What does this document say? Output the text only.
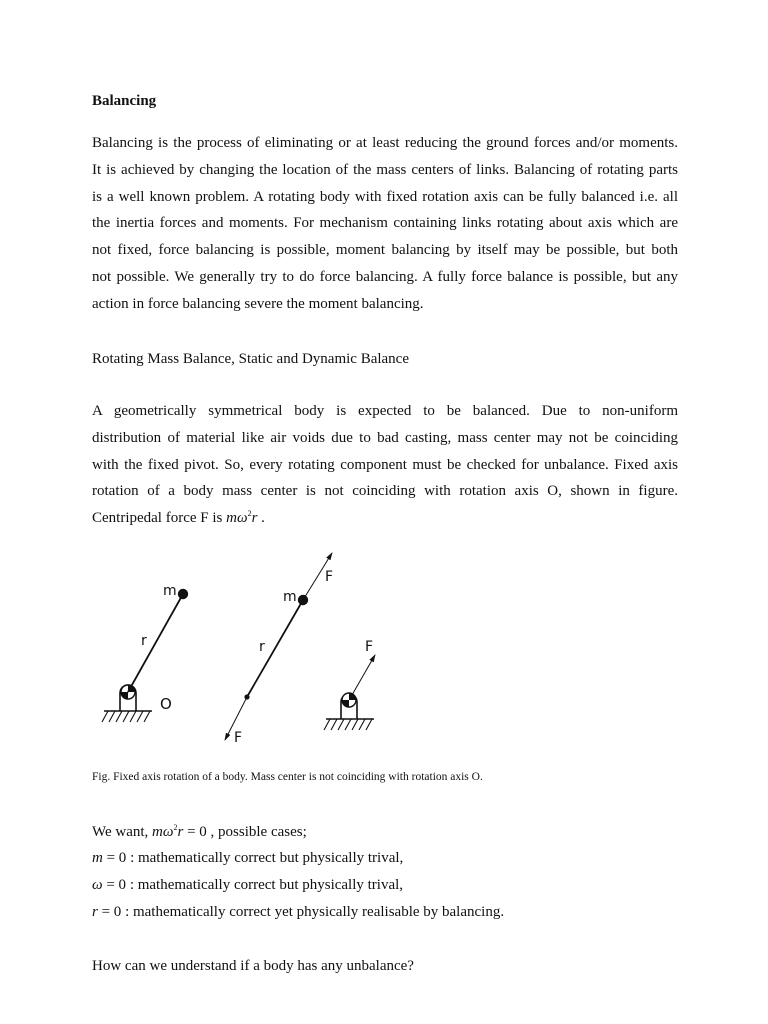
Balancing
Balancing is the process of eliminating or at least reducing the ground forces and/or moments.
It is achieved by changing the location of the mass centers of links. Balancing of rotating parts
is a well known problem. A rotating body with fixed rotation axis can be fully balanced i.e. all
the inertia forces and moments. For mechanism containing links rotating about axis which are
not fixed, force balancing is possible, moment balancing by itself may be possible, but both
not possible. We generally try to do force balancing. A fully force balance is possible, but any
action in force balancing severe the moment balancing.
Rotating Mass Balance, Static and Dynamic Balance
A geometrically symmetrical body is expected to be balanced. Due to non-uniform
distribution of material like air voids due to bad casting, mass center may not be coinciding
with the fixed pivot. So, every rotating component must be checked for unbalance. Fixed axis
rotation of a body mass center is not coinciding with rotation axis O, shown in figure.
Centripedal force F is $m\omega^2r$ .
Fig. Fixed axis rotation of a body. Mass center is not coinciding with rotation axis O.
We want, $m\omega^2r = 0$ , possible cases;
m = 0 : mathematically correct but physically trival,
ω = 0 : mathematically correct but physically trival,
r = 0 : mathematically correct yet physically realisable by balancing.
How can we understand if a body has any unbalance?
m
r
O
m
r
F
F
F
